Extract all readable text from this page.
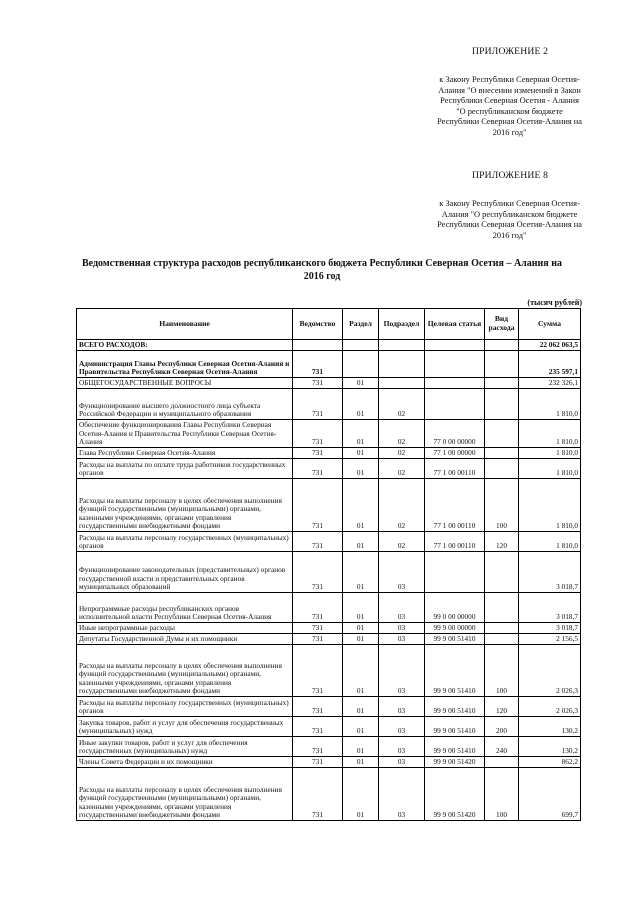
ПРИЛОЖЕНИЕ 2
к Закону Республики Северная Осетия-
Алания "О внесении изменений в Закон
Республики Северная Осетия - Алания
"О республиканском бюджете
Республики Северная Осетия-Алания на
2016 год"
ПРИЛОЖЕНИЕ 8
к Закону Республики Северная Осетия-
Алания "О республиканском бюджете
Республики Северная Осетия-Алания на
2016 год"
Ведомственная структура расходов республиканского бюджета Республики Северная Осетия – Алания на 2016 год
(тысяч рублей)
Наименование	Ведомство	Раздел	Подраздел	Целевая статья	Вид расхода	Сумма
ВСЕГО РАСХОДОВ:						22 062 063,5
Администрация Главы Республики Северная Осетия-Алания и Правительства Республики Северная Осетия-Алания	731					235 597,1
ОБЩЕГОСУДАРСТВЕННЫЕ ВОПРОСЫ	731	01				232 326,1
Функционирование высшего должностного лица субъекта Российской Федерации и муниципального образования	731	01	02			1 810,0
Обеспечение функционирования Главы Республики Северная Осетия-Алания и Правительства Республики Северная Осетия-Алания	731	01	02	77 0 00 00000		1 810,0
Глава Республики Северная Осетия-Алания	731	01	02	77 1 00 00000		1 810,0
Расходы на выплаты по оплате труда работников государственных органов	731	01	02	77 1 00 00110		1 810,0
Расходы на выплаты персоналу в целях обеспечения выполнения функций государственными (муниципальными) органами, казенными учреждениями, органами управления государственными внебюджетными фондами	731	01	02	77 1 00 00110	100	1 810,0
Расходы на выплаты персоналу государственных (муниципальных) органов	731	01	02	77 1 00 00110	120	1 810,0
Функционирование законодательных (представительных) органов государственной власти и представительных органов муниципальных образований	731	01	03			3 018,7
Непрограммные расходы республиканских органов исполнительной власти Республики Северная Осетия-Алания	731	01	03	99 0 00 00000		3 018,7
Иные непрограммные расходы	731	01	03	99 9 00 00000		3 018,7
Депутаты Государственной Думы и их помощники	731	01	03	99 9 00 51410		2 156,5
Расходы на выплаты персоналу в целях обеспечения выполнения функций государственными (муниципальными) органами, казенными учреждениями, органами управления государственными внебюджетными фондами	731	01	03	99 9 00 51410	100	2 026,3
Расходы на выплаты персоналу государственных (муниципальных) органов	731	01	03	99 9 00 51410	120	2 026,3
Закупка товаров, работ и услуг для обеспечения государственных (муниципальных) нужд	731	01	03	99 9 00 51410	200	130,2
Иные закупки товаров, работ и услуг для обеспечения государственных (муниципальных) нужд	731	01	03	99 9 00 51410	240	130,2
Члены Совета Федерации и их помощники	731	01	03	99 9 00 51420		862,2
Расходы на выплаты персоналу в целях обеспечения выполнения функций государственными (муниципальными) органами, казенными учреждениями, органами управления государственными внебюджетными фондами	731	01	03	99 9 00 51420	100	699,7
